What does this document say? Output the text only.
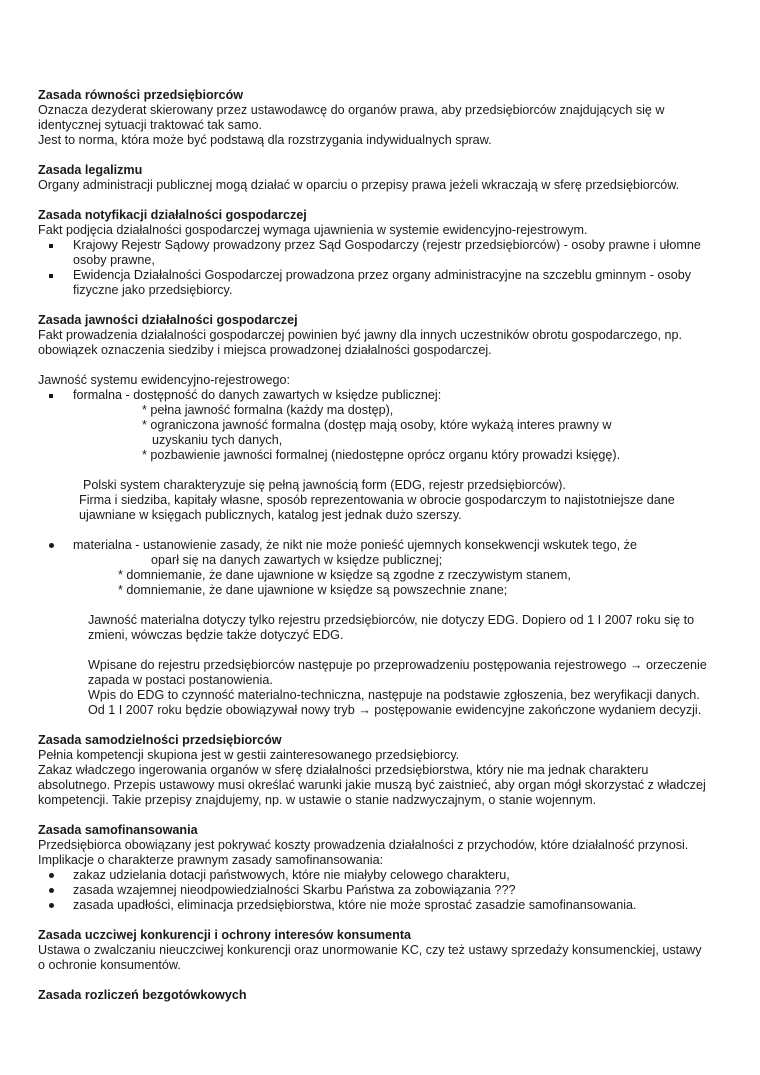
Zasada równości przedsiębiorców

Oznacza dezyderat skierowany przez ustawodawcę do organów prawa, aby przedsiębiorców znajdujących się w

identycznej sytuacji traktować tak samo.

Jest to norma, która może być podstawą dla rozstrzygania indywidualnych spraw.

Zasada legalizmu

Organy administracji publicznej mogą działać w oparciu o przepisy prawa jeżeli wkraczają w sferę przedsiębiorców.

Zasada notyfikacji działalności gospodarczej

Fakt podjęcia działalności gospodarczej wymaga ujawnienia w systemie ewidencyjno-rejestrowym.

Krajowy Rejestr Sądowy prowadzony przez Sąd Gospodarczy (rejestr przedsiębiorców) - osoby prawne i ułomne

osoby prawne,

Ewidencja Działalności Gospodarczej prowadzona przez organy administracyjne na szczeblu gminnym - osoby

fizyczne jako przedsiębiorcy.

Zasada jawności działalności gospodarczej

Fakt prowadzenia działalności gospodarczej powinien być jawny dla innych uczestników obrotu gospodarczego, np.

obowiązek oznaczenia siedziby i miejsca prowadzonej działalności gospodarczej.

Jawność systemu ewidencyjno-rejestrowego:

formalna - dostępność do danych zawartych w księdze publicznej:

* pełna jawność formalna (każdy ma dostęp),

* ograniczona jawność formalna (dostęp mają osoby, które wykażą interes prawny w

uzyskaniu tych danych,

* pozbawienie jawności formalnej (niedostępne oprócz organu który prowadzi księgę).

Polski system charakteryzuje się pełną jawnością form (EDG, rejestr przedsiębiorców).

Firma i siedziba, kapitały własne, sposób reprezentowania w obrocie gospodarczym to najistotniejsze dane

ujawniane w księgach publicznych, katalog jest jednak dużo szerszy.

materialna - ustanowienie zasady, że nikt nie może ponieść ujemnych konsekwencji wskutek tego, że

oparł się na danych zawartych w księdze publicznej;

* domniemanie, że dane ujawnione w księdze są zgodne z rzeczywistym stanem,

* domniemanie, że dane ujawnione w księdze są powszechnie znane;

Jawność materialna dotyczy tylko rejestru przedsiębiorców, nie dotyczy EDG. Dopiero od 1 I 2007 roku się to

zmieni, wówczas będzie także dotyczyć EDG.

Wpisane do rejestru przedsiębiorców następuje po przeprowadzeniu postępowania rejestrowego → orzeczenie

zapada w postaci postanowienia.

Wpis do EDG to czynność materialno-techniczna, następuje na podstawie zgłoszenia, bez weryfikacji danych.

Od 1 I 2007 roku będzie obowiązywał nowy tryb → postępowanie ewidencyjne zakończone wydaniem decyzji.

Zasada samodzielności przedsiębiorców

Pełnia kompetencji skupiona jest w gestii zainteresowanego przedsiębiorcy.

Zakaz władczego ingerowania organów w sferę działalności przedsiębiorstwa, który nie ma jednak charakteru

absolutnego. Przepis ustawowy musi określać warunki jakie muszą być zaistnieć, aby organ mógł skorzystać z władczej

kompetencji. Takie przepisy znajdujemy, np. w ustawie o stanie nadzwyczajnym, o stanie wojennym.

Zasada samofinansowania

Przedsiębiorca obowiązany jest pokrywać koszty prowadzenia działalności z przychodów, które działalność przynosi.

Implikacje o charakterze prawnym zasady samofinansowania:

zakaz udzielania dotacji państwowych, które nie miałyby celowego charakteru,

zasada wzajemnej nieodpowiedzialności Skarbu Państwa za zobowiązania ???

zasada upadłości, eliminacja przedsiębiorstwa, które nie może sprostać zasadzie samofinansowania.

Zasada uczciwej konkurencji i ochrony interesów konsumenta

Ustawa o zwalczaniu nieuczciwej konkurencji oraz unormowanie KC, czy też ustawy sprzedaży konsumenckiej, ustawy

o ochronie konsumentów.

Zasada rozliczeń bezgotówkowych
